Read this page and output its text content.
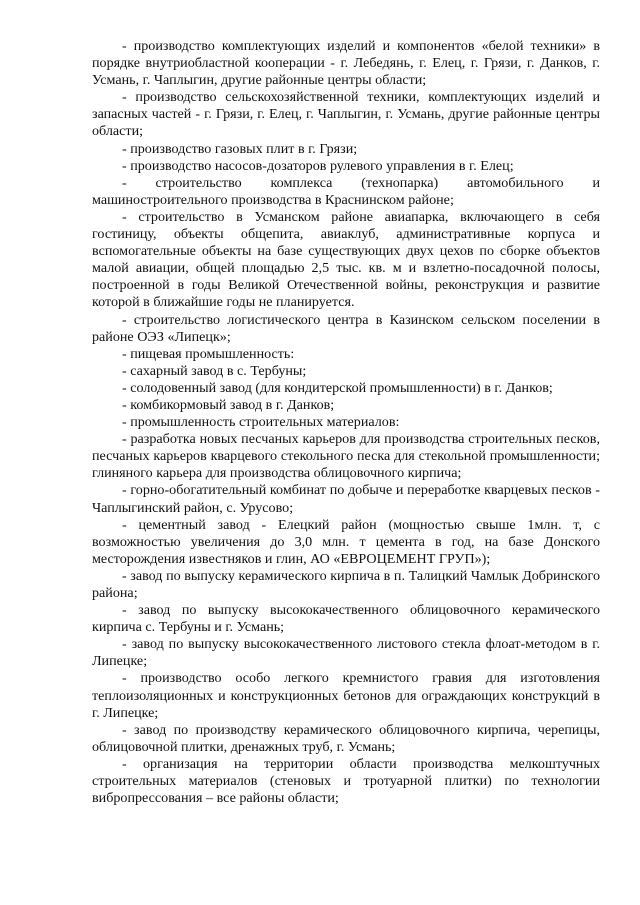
- производство комплектующих изделий и компонентов «белой техники» в порядке внутриобластной кооперации - г. Лебедянь, г. Елец, г. Грязи, г. Данков, г. Усмань, г. Чаплыгин, другие районные центры области;

- производство сельскохозяйственной техники, комплектующих изделий и запасных частей - г. Грязи, г. Елец, г. Чаплыгин, г. Усмань, другие районные центры области;

- производство газовых плит в г. Грязи;

- производство насосов-дозаторов рулевого управления в г. Елец;

- строительство комплекса (технопарка) автомобильного и машиностроительного производства в Краснинском районе;

- строительство в Усманском районе авиапарка, включающего в себя гостиницу, объекты общепита, авиаклуб, административные корпуса и вспомогательные объекты на базе существующих двух цехов по сборке объектов малой авиации, общей площадью 2,5 тыс. кв. м и взлетно-посадочной полосы, построенной в годы Великой Отечественной войны, реконструкция и развитие которой в ближайшие годы не планируется.

- строительство логистического центра в Казинском сельском поселении в районе ОЭЗ «Липецк»;

- пищевая промышленность:

- сахарный завод в с. Тербуны;

- солодовенный завод (для кондитерской промышленности) в г. Данков;

- комбикормовый завод в г. Данков;

- промышленность строительных материалов:

- разработка новых песчаных карьеров для производства строительных песков, песчаных карьеров кварцевого стекольного песка для стекольной промышленности; глиняного карьера для производства облицовочного кирпича;

- горно-обогатительный комбинат по добыче и переработке кварцевых песков - Чаплыгинский район, с. Урусово;

- цементный завод - Елецкий район (мощностью свыше 1млн. т, с возможностью увеличения до 3,0 млн. т цемента в год, на базе Донского месторождения известняков и глин, АО «ЕВРОЦЕМЕНТ ГРУП»);

- завод по выпуску керамического кирпича в п. Талицкий Чамлык Добринского района;

- завод по выпуску высококачественного облицовочного керамического кирпича с. Тербуны и г. Усмань;

- завод по выпуску высококачественного листового стекла флоат-методом в г. Липецке;

- производство особо легкого кремнистого гравия для изготовления теплоизоляционных и конструкционных бетонов для ограждающих конструкций в г. Липецке;

- завод по производству керамического облицовочного кирпича, черепицы, облицовочной плитки, дренажных труб, г. Усмань;

- организация на территории области производства мелкоштучных строительных материалов (стеновых и тротуарной плитки) по технологии вибропрессования – все районы области;
